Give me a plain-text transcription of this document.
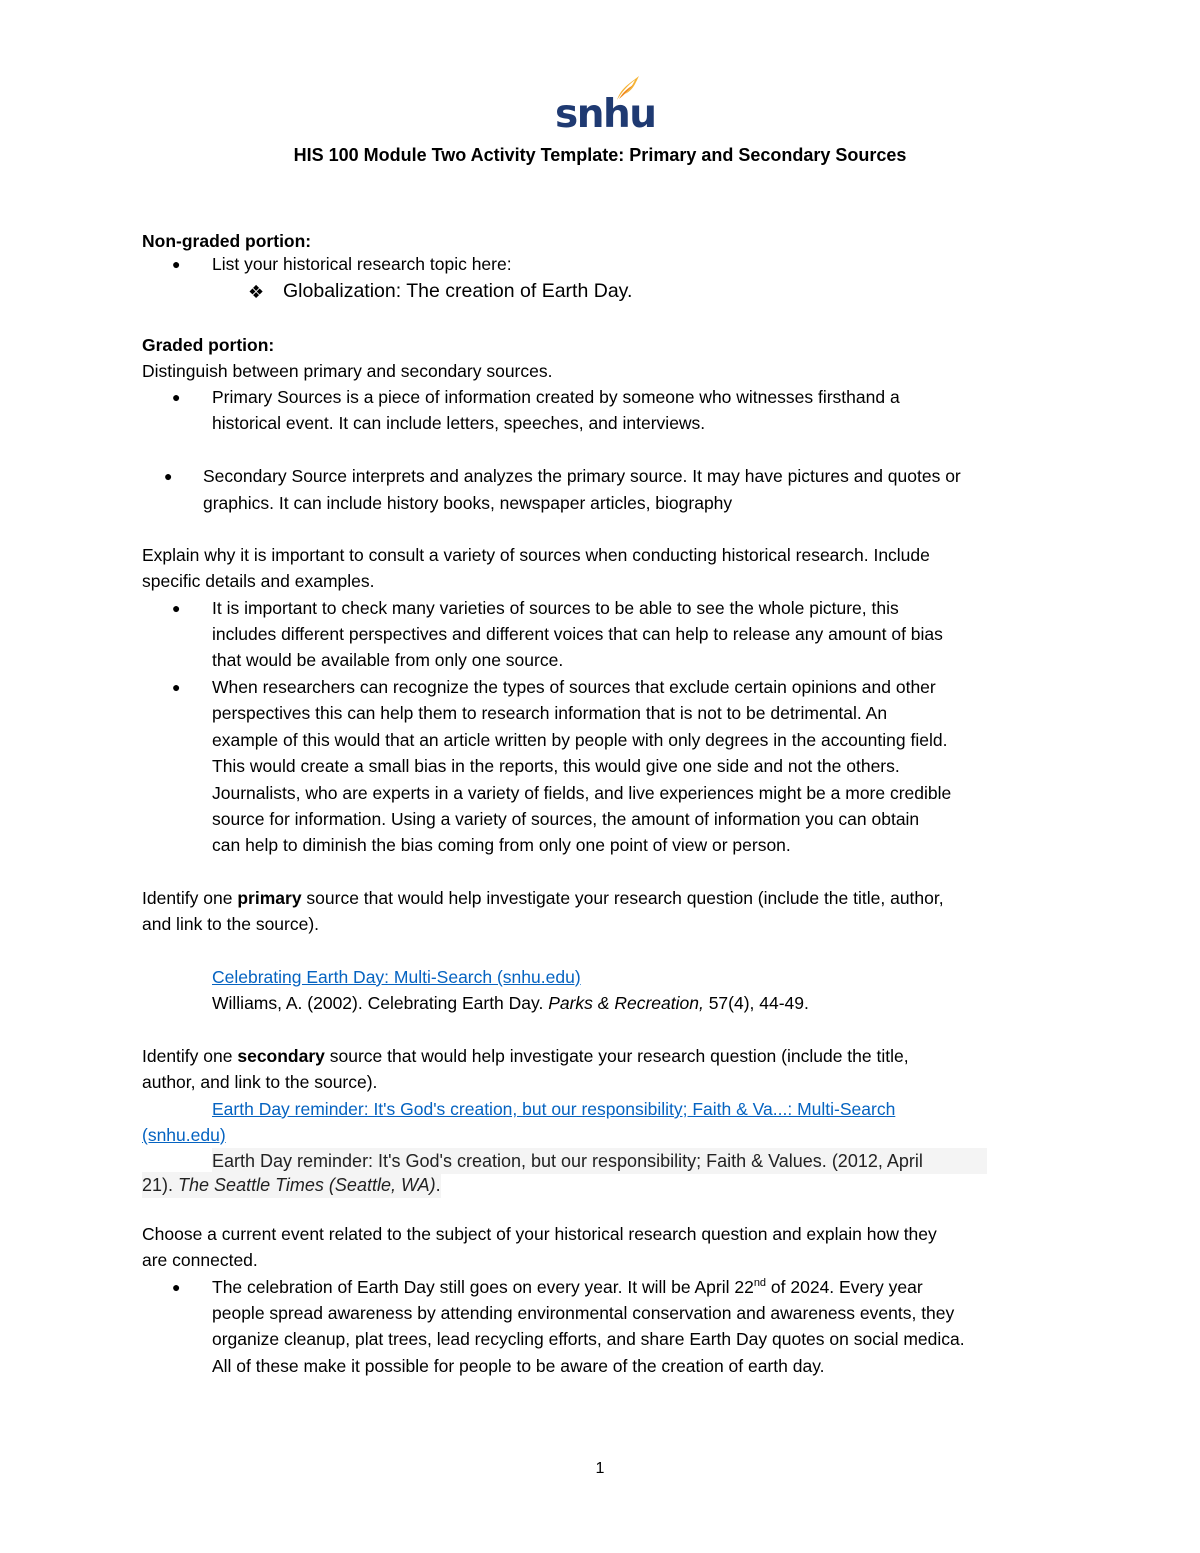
snhu
HIS 100 Module Two Activity Template: Primary and Secondary Sources
Non-graded portion:
● List your historical research topic here:
❖ Globalization: The creation of Earth Day.
Graded portion:
Distinguish between primary and secondary sources.
● Primary Sources is a piece of information created by someone who witnesses firsthand a
historical event. It can include letters, speeches, and interviews.
● Secondary Source interprets and analyzes the primary source. It may have pictures and quotes or
graphics. It can include history books, newspaper articles, biography
Explain why it is important to consult a variety of sources when conducting historical research. Include
specific details and examples.
● It is important to check many varieties of sources to be able to see the whole picture, this
includes different perspectives and different voices that can help to release any amount of bias
that would be available from only one source.
● When researchers can recognize the types of sources that exclude certain opinions and other
perspectives this can help them to research information that is not to be detrimental. An
example of this would that an article written by people with only degrees in the accounting field.
This would create a small bias in the reports, this would give one side and not the others.
Journalists, who are experts in a variety of fields, and live experiences might be a more credible
source for information. Using a variety of sources, the amount of information you can obtain
can help to diminish the bias coming from only one point of view or person.
Identify one primary source that would help investigate your research question (include the title, author,
and link to the source).
Celebrating Earth Day: Multi-Search (snhu.edu)
Williams, A. (2002). Celebrating Earth Day. Parks & Recreation, 57(4), 44-49.
Identify one secondary source that would help investigate your research question (include the title,
author, and link to the source).
Earth Day reminder: It's God's creation, but our responsibility; Faith & Va...: Multi-Search
(snhu.edu)
Earth Day reminder: It's God's creation, but our responsibility; Faith & Values. (2012, April
21). The Seattle Times (Seattle, WA).
Choose a current event related to the subject of your historical research question and explain how they
are connected.
● The celebration of Earth Day still goes on every year. It will be April 22nd of 2024. Every year
people spread awareness by attending environmental conservation and awareness events, they
organize cleanup, plat trees, lead recycling efforts, and share Earth Day quotes on social medica.
All of these make it possible for people to be aware of the creation of earth day.
1
